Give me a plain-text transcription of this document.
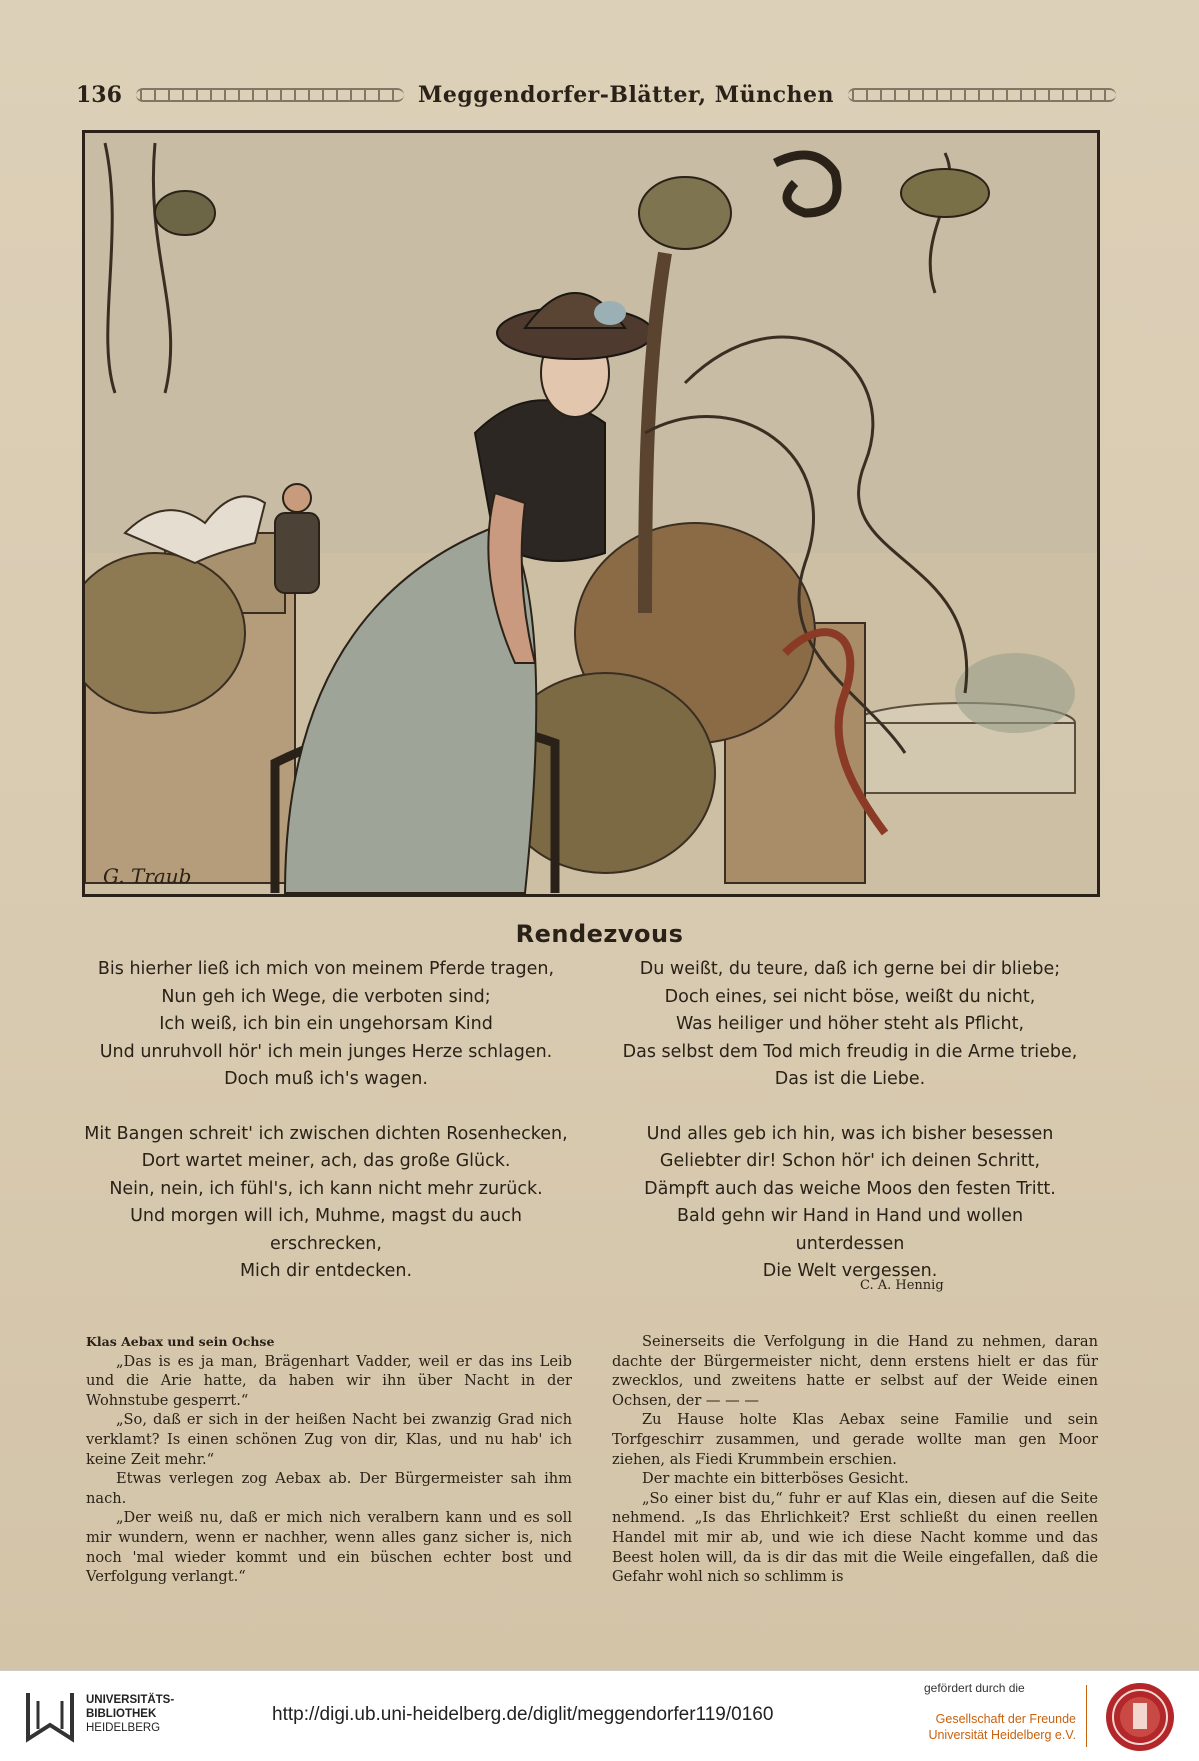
136	Meggendorfer-Blätter, München
G. Traub
Rendezvous
Bis hierher ließ ich mich von meinem Pferde tragen,
Nun geh ich Wege, die verboten sind;
Ich weiß, ich bin ein ungehorsam Kind
Und unruhvoll hör' ich mein junges Herze schlagen.
Doch muß ich's wagen.
Mit Bangen schreit' ich zwischen dichten Rosenhecken,
Dort wartet meiner, ach, das große Glück.
Nein, nein, ich fühl's, ich kann nicht mehr zurück.
Und morgen will ich, Muhme, magst du auch
erschrecken,
Mich dir entdecken.
Du weißt, du teure, daß ich gerne bei dir bliebe;
Doch eines, sei nicht böse, weißt du nicht,
Was heiliger und höher steht als Pflicht,
Das selbst dem Tod mich freudig in die Arme triebe,
Das ist die Liebe.
Und alles geb ich hin, was ich bisher besessen
Geliebter dir! Schon hör' ich deinen Schritt,
Dämpft auch das weiche Moos den festen Tritt.
Bald gehn wir Hand in Hand und wollen
unterdessen
Die Welt vergessen.
C. A. Hennig

Klas Aebax und sein Ochse

„Das is es ja man, Brägenhart Vadder, weil er das ins Leib und die Arie hatte, da haben wir ihn über Nacht in der Wohnstube gesperrt.“

„So, daß er sich in der heißen Nacht bei zwanzig Grad nich verklamt? Is einen schönen Zug von dir, Klas, und nu hab' ich keine Zeit mehr.“

Etwas verlegen zog Aebax ab. Der Bürgermeister sah ihm nach.

„Der weiß nu, daß er mich nich veralbern kann und es soll mir wundern, wenn er nachher, wenn alles ganz sicher is, nich noch 'mal wieder kommt und ein büschen echter bost und Verfolgung verlangt.“

Seinerseits die Verfolgung in die Hand zu nehmen, daran dachte der Bürgermeister nicht, denn erstens hielt er das für zwecklos, und zweitens hatte er selbst auf der Weide einen Ochsen, der — — —

Zu Hause holte Klas Aebax seine Familie und sein Torfgeschirr zusammen, und gerade wollte man gen Moor ziehen, als Fiedi Krummbein erschien.

Der machte ein bitterböses Gesicht.

„So einer bist du,“ fuhr er auf Klas ein, diesen auf die Seite nehmend. „Is das Ehrlichkeit? Erst schließt du einen reellen Handel mit mir ab, und wie ich diese Nacht komme und das Beest holen will, da is dir das mit die Weile eingefallen, daß die Gefahr wohl nich so schlimm is

UNIVERSITÄTS-
BIBLIOTHEK
HEIDELBERG
http://digi.ub.uni-heidelberg.de/diglit/meggendorfer119/0160
gefördert durch die
Gesellschaft der Freunde
Universität Heidelberg e.V.
